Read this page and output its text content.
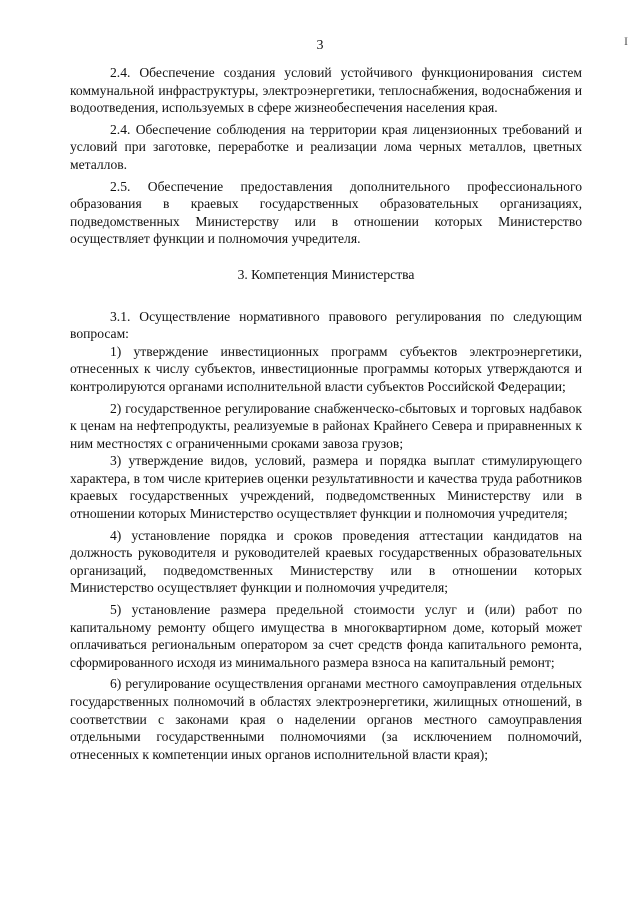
3	I

2.4. Обеспечение создания условий устойчивого функционирования систем коммунальной инфраструктуры, электроэнергетики, теплоснабжения, водоснабжения и водоотведения, используемых в сфере жизнеобеспечения населения края.

2.4. Обеспечение соблюдения на территории края лицензионных требований и условий при заготовке, переработке и реализации лома черных металлов, цветных металлов.

2.5. Обеспечение предоставления дополнительного профессионального образования в краевых государственных образовательных организациях, подведомственных Министерству или в отношении которых Министерство осуществляет функции и полномочия учредителя.

3. Компетенция Министерства

3.1. Осуществление нормативного правового регулирования по следующим вопросам:

1) утверждение инвестиционных программ субъектов электроэнергетики, отнесенных к числу субъектов, инвестиционные программы которых утверждаются и контролируются органами исполнительной власти субъектов Российской Федерации;

2) государственное регулирование снабженческо-сбытовых и торговых надбавок к ценам на нефтепродукты, реализуемые в районах Крайнего Севера и приравненных к ним местностях с ограниченными сроками завоза грузов;

3) утверждение видов, условий, размера и порядка выплат стимулирующего характера, в том числе критериев оценки результативности и качества труда работников краевых государственных учреждений, подведомственных Министерству или в отношении которых Министерство осуществляет функции и полномочия учредителя;

4) установление порядка и сроков проведения аттестации кандидатов на должность руководителя и руководителей краевых государственных образовательных организаций, подведомственных Министерству или в отношении которых Министерство осуществляет функции и полномочия учредителя;

5) установление размера предельной стоимости услуг и (или) работ по капитальному ремонту общего имущества в многоквартирном доме, который может оплачиваться региональным оператором за счет средств фонда капитального ремонта, сформированного исходя из минимального размера взноса на капитальный ремонт;

6) регулирование осуществления органами местного самоуправления отдельных государственных полномочий в областях электроэнергетики, жилищных отношений, в соответствии с законами края о наделении органов местного самоуправления отдельными государственными полномочиями (за исключением полномочий, отнесенных к компетенции иных органов исполнительной власти края);
